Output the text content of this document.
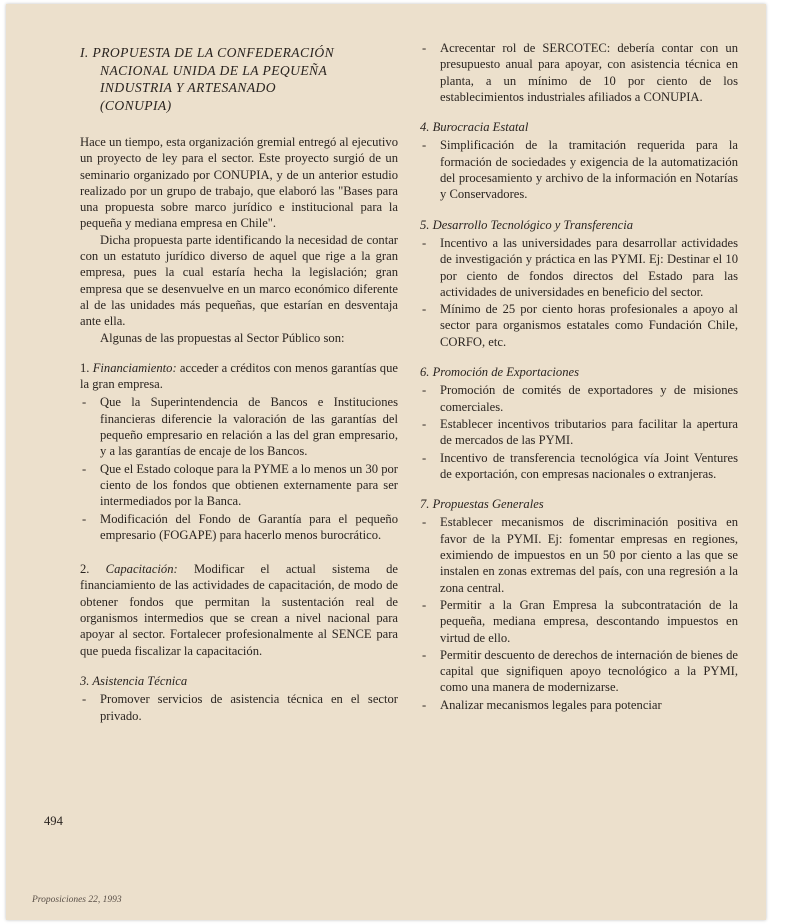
I. PROPUESTA DE LA CONFEDERACIÓN
NACIONAL UNIDA DE LA PEQUEÑA
INDUSTRIA Y ARTESANADO
(CONUPIA)

Hace un tiempo, esta organización gremial entregó al ejecutivo un proyecto de ley para el sector. Este proyecto surgió de un seminario organizado por CONUPIA, y de un anterior estudio realizado por un grupo de trabajo, que elaboró las "Bases para una propuesta sobre marco jurídico e institucional para la pequeña y mediana empresa en Chile".

Dicha propuesta parte identificando la necesidad de contar con un estatuto jurídico diverso de aquel que rige a la gran empresa, pues la cual estaría hecha la legislación; gran empresa que se desenvuelve en un marco económico diferente al de las unidades más pequeñas, que estarían en desventaja ante ella.

Algunas de las propuestas al Sector Público son:

1. Financiamiento: acceder a créditos con menos garantías que la gran empresa.

- Que la Superintendencia de Bancos e Instituciones financieras diferencie la valoración de las garantías del pequeño empresario en relación a las del gran empresario, y a las garantías de encaje de los Bancos.
- Que el Estado coloque para la PYME a lo menos un 30 por ciento de los fondos que obtienen externamente para ser intermediados por la Banca.
- Modificación del Fondo de Garantía para el pequeño empresario (FOGAPE) para hacerlo menos burocrático.

2. Capacitación: Modificar el actual sistema de financiamiento de las actividades de capacitación, de modo de obtener fondos que permitan la sustentación real de organismos intermedios que se crean a nivel nacional para apoyar al sector. Fortalecer profesionalmente al SENCE para que pueda fiscalizar la capacitación.

3. Asistencia Técnica

- Promover servicios de asistencia técnica en el sector privado.
- Acrecentar rol de SERCOTEC: debería contar con un presupuesto anual para apoyar, con asistencia técnica en planta, a un mínimo de 10 por ciento de los establecimientos industriales afiliados a CONUPIA.

4. Burocracia Estatal

- Simplificación de la tramitación requerida para la formación de sociedades y exigencia de la automatización del procesamiento y archivo de la información en Notarías y Conservadores.

5. Desarrollo Tecnológico y Transferencia

- Incentivo a las universidades para desarrollar actividades de investigación y práctica en las PYMI. Ej: Destinar el 10 por ciento de fondos directos del Estado para las actividades de universidades en beneficio del sector.
- Mínimo de 25 por ciento horas profesionales a apoyo al sector para organismos estatales como Fundación Chile, CORFO, etc.

6. Promoción de Exportaciones

- Promoción de comités de exportadores y de misiones comerciales.
- Establecer incentivos tributarios para facilitar la apertura de mercados de las PYMI.
- Incentivo de transferencia tecnológica vía Joint Ventures de exportación, con empresas nacionales o extranjeras.

7. Propuestas Generales

- Establecer mecanismos de discriminación positiva en favor de la PYMI. Ej: fomentar empresas en regiones, eximiendo de impuestos en un 50 por ciento a las que se instalen en zonas extremas del país, con una regresión a la zona central.
- Permitir a la Gran Empresa la subcontratación de la pequeña, mediana empresa, descontando impuestos en virtud de ello.
- Permitir descuento de derechos de internación de bienes de capital que signifiquen apoyo tecnológico a la PYMI, como una manera de modernizarse.
- Analizar mecanismos legales para potenciar
494
Proposiciones 22, 1993
